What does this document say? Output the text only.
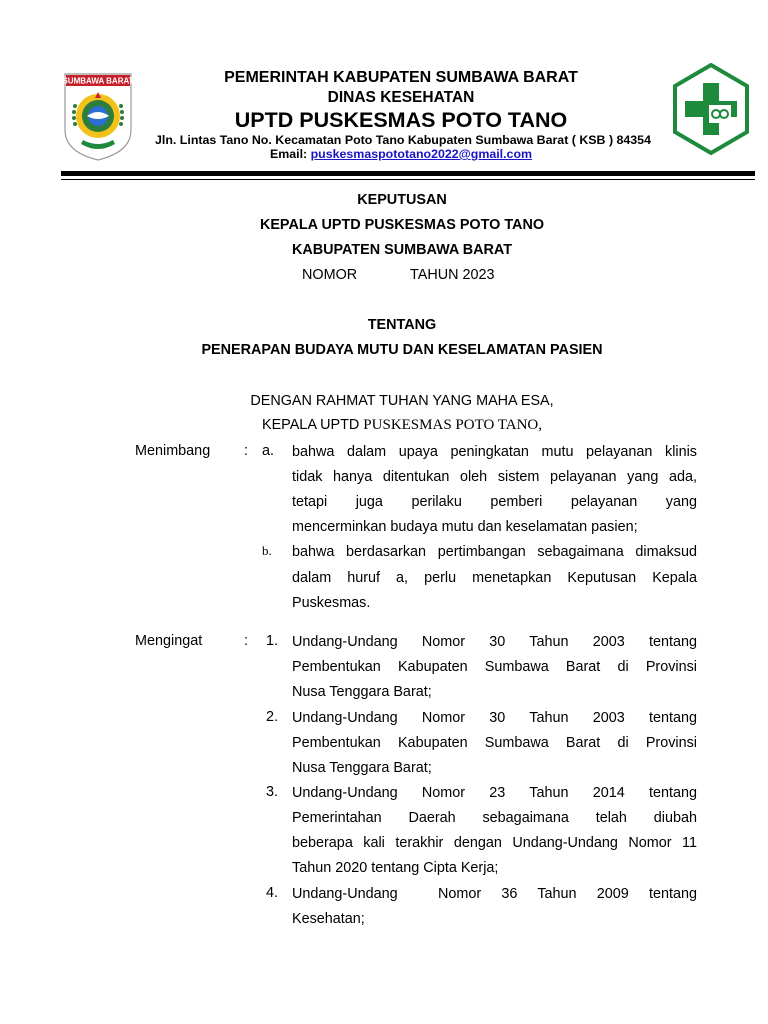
SUMBAWA BARAT	PEMERINTAH KABUPATEN SUMBAWA BARAT
DINAS KESEHATAN
UPTD PUSKESMAS POTO TANO
Jln. Lintas Tano No. Kecamatan Poto Tano Kabupaten Sumbawa Barat ( KSB ) 84354
Email: puskesmaspototano2022@gmail.com
KEPUTUSAN
KEPALA UPTD PUSKESMAS POTO TANO
KABUPATEN SUMBAWA BARAT
NOMOR	TAHUN 2023
TENTANG
PENERAPAN BUDAYA MUTU DAN KESELAMATAN PASIEN
DENGAN RAHMAT TUHAN YANG MAHA ESA,
KEPALA UPTD PUSKESMAS POTO TANO,
Menimbang : a. bahwa dalam upaya peningkatan mutu pelayanan klinis
tidak hanya ditentukan oleh sistem pelayanan yang ada,
tetapi juga perilaku pemberi pelayanan yang
mencerminkan budaya mutu dan keselamatan pasien;
b. bahwa berdasarkan pertimbangan sebagaimana dimaksud
dalam huruf a, perlu menetapkan Keputusan Kepala
Puskesmas.
Mengingat	:	1. Undang-Undang Nomor 30 Tahun 2003 tentang
Pembentukan Kabupaten Sumbawa Barat di Provinsi
Nusa Tenggara Barat;
2. Undang-Undang Nomor 30 Tahun 2003 tentang
Pembentukan Kabupaten Sumbawa Barat di Provinsi
Nusa Tenggara Barat;
3. Undang-Undang Nomor 23 Tahun 2014 tentang
Pemerintahan Daerah sebagaimana telah diubah
beberapa kali terakhir dengan Undang-Undang Nomor 11
Tahun 2020 tentang Cipta Kerja;
4. Undang-Undang  Nomor 36 Tahun 2009 tentang
Kesehatan;
